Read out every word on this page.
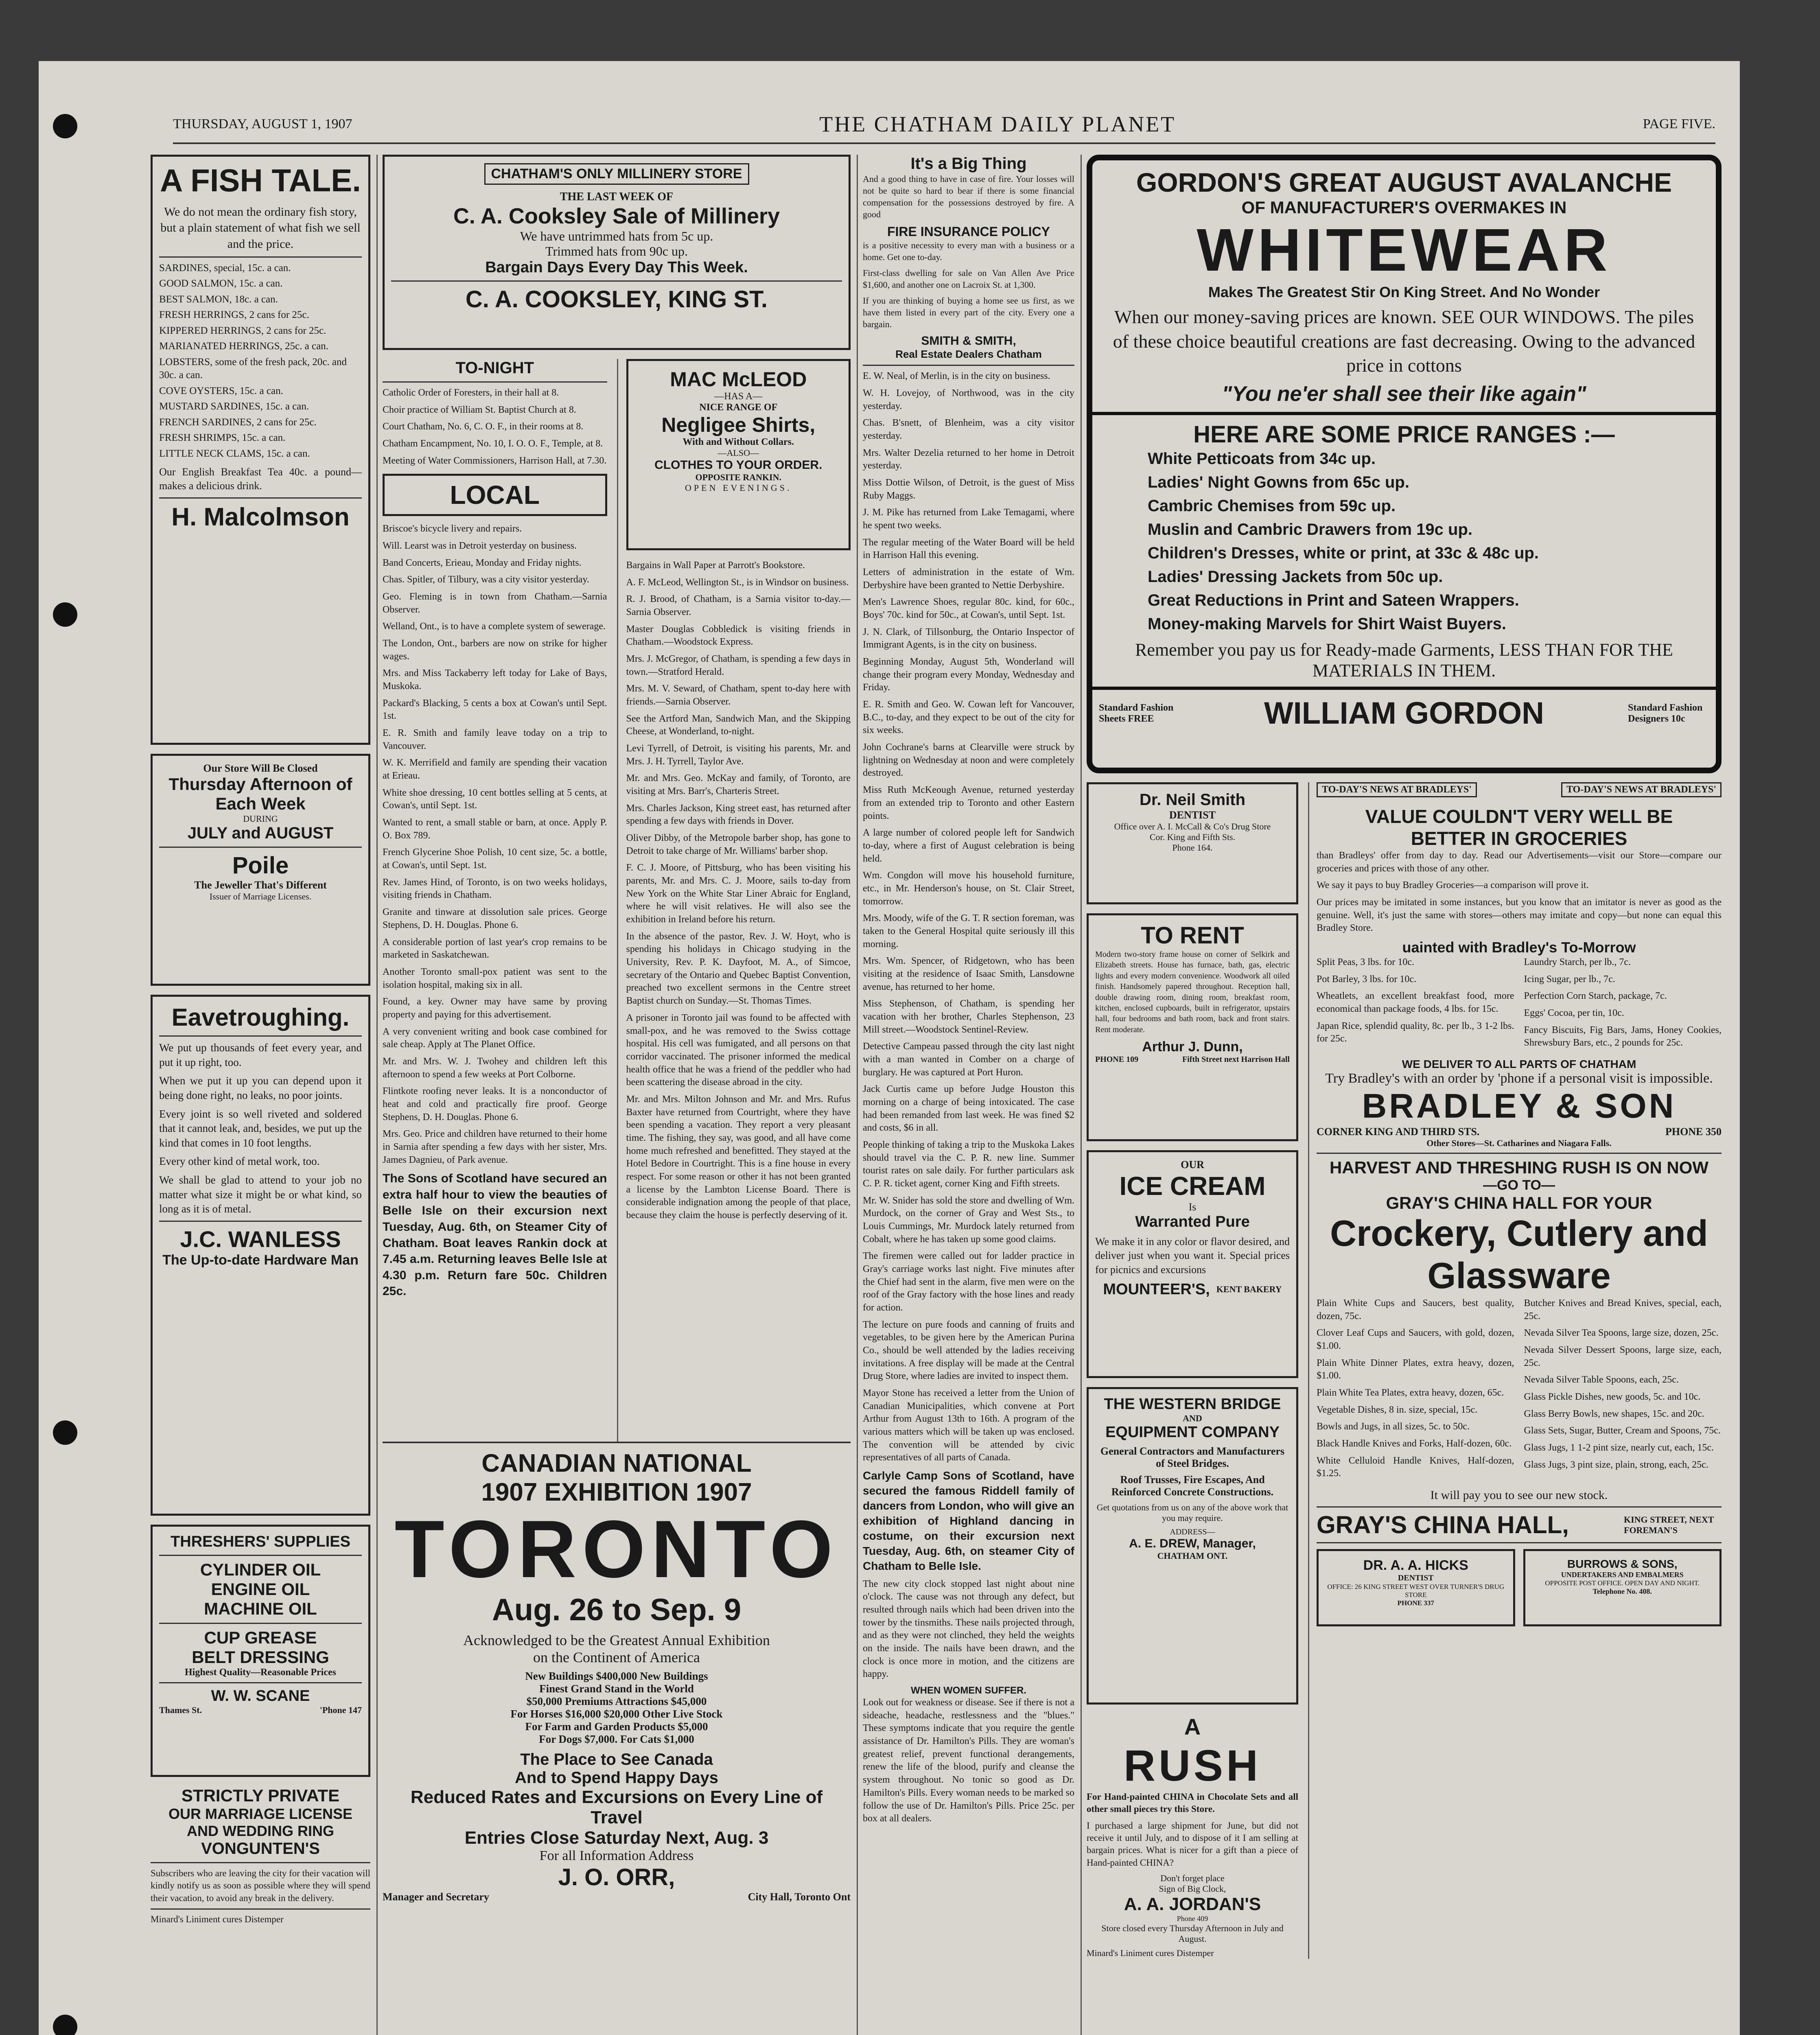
THURSDAY, AUGUST 1, 1907	THE CHATHAM DAILY PLANET	PAGE FIVE.
A FISH TALE.
We do not mean the ordinary fish story, but a plain statement of what fish we sell and the price.
SARDINES, special, 15c. a can.
GOOD SALMON, 15c. a can.
BEST SALMON, 18c. a can.
FRESH HERRINGS, 2 cans for 25c.
KIPPERED HERRINGS, 2 cans for 25c.
MARIANATED HERRINGS, 25c. a can.
LOBSTERS, some of the fresh pack, 20c. and 30c. a can.
COVE OYSTERS, 15c. a can.
MUSTARD SARDINES, 15c. a can.
FRENCH SARDINES, 2 cans for 25c.
FRESH SHRIMPS, 15c. a can.
LITTLE NECK CLAMS, 15c. a can.
Our English Breakfast Tea 40c. a pound—makes a delicious drink.
H. Malcolmson
Our Store Will Be Closed
Thursday Afternoon of Each Week
DURING
JULY and AUGUST
Poile
The Jeweller That's Different
Issuer of Marriage Licenses.
Eavetroughing.

We put up thousands of feet every year, and put it up right, too.

When we put it up you can depend upon it being done right, no leaks, no poor joints.

Every joint is so well riveted and soldered that it cannot leak, and, besides, we put up the kind that comes in 10 foot lengths.

Every other kind of metal work, too.

We shall be glad to attend to your job no matter what size it might be or what kind, so long as it is of metal.

J.C. WANLESS
The Up-to-date Hardware Man
THRESHERS' SUPPLIES
CYLINDER OIL
ENGINE OIL
MACHINE OIL
CUP GREASE
BELT DRESSING
Highest Quality—Reasonable Prices
W. W. SCANE
Thames St.	'Phone 147
STRICTLY PRIVATE
OUR MARRIAGE LICENSE
AND WEDDING RING
VONGUNTEN'S
Subscribers who are leaving the city for their vacation will kindly notify us as soon as possible where they will spend their vacation, to avoid any break in the delivery.
Minard's Liniment cures Distemper
CHATHAM'S ONLY MILLINERY STORE
THE LAST WEEK OF
C. A. Cooksley Sale of Millinery
We have untrimmed hats from 5c up.
Trimmed hats from 90c up.
Bargain Days Every Day This Week.
C. A. COOKSLEY, KING ST.
TO-NIGHT

Catholic Order of Foresters, in their hall at 8.

Choir practice of William St. Baptist Church at 8.

Court Chatham, No. 6, C. O. F., in their rooms at 8.

Chatham Encampment, No. 10, I. O. O. F., Temple, at 8.

Meeting of Water Commissioners, Harrison Hall, at 7.30.

LOCAL

Briscoe's bicycle livery and repairs.

Will. Learst was in Detroit yesterday on business.

Band Concerts, Erieau, Monday and Friday nights.

Chas. Spitler, of Tilbury, was a city visitor yesterday.

Geo. Fleming is in town from Chatham.—Sarnia Observer.

Welland, Ont., is to have a complete system of sewerage.

The London, Ont., barbers are now on strike for higher wages.

Mrs. and Miss Tackaberry left today for Lake of Bays, Muskoka.

Packard's Blacking, 5 cents a box at Cowan's until Sept. 1st.

E. R. Smith and family leave today on a trip to Vancouver.

W. K. Merrifield and family are spending their vacation at Erieau.

White shoe dressing, 10 cent bottles selling at 5 cents, at Cowan's, until Sept. 1st.

Wanted to rent, a small stable or barn, at once. Apply P. O. Box 789.

French Glycerine Shoe Polish, 10 cent size, 5c. a bottle, at Cowan's, until Sept. 1st.

Rev. James Hind, of Toronto, is on two weeks holidays, visiting friends in Chatham.

Granite and tinware at dissolution sale prices. George Stephens, D. H. Douglas. Phone 6.

A considerable portion of last year's crop remains to be marketed in Saskatchewan.

Another Toronto small-pox patient was sent to the isolation hospital, making six in all.

Found, a key. Owner may have same by proving property and paying for this advertisement.

A very convenient writing and book case combined for sale cheap. Apply at The Planet Office.

Mr. and Mrs. W. J. Twohey and children left this afternoon to spend a few weeks at Port Colborne.

Flintkote roofing never leaks. It is a nonconductor of heat and cold and practically fire proof. George Stephens, D. H. Douglas. Phone 6.

Mrs. Geo. Price and children have returned to their home in Sarnia after spending a few days with her sister, Mrs. James Dagnieu, of Park avenue.

The Sons of Scotland have secured an extra half hour to view the beauties of Belle Isle on their excursion next Tuesday, Aug. 6th, on Steamer City of Chatham. Boat leaves Rankin dock at 7.45 a.m. Returning leaves Belle Isle at 4.30 p.m. Return fare 50c. Children 25c.

MAC McLEOD
—HAS A—
NICE RANGE OF
Negligee Shirts,
With and Without Collars.
—ALSO—
CLOTHES TO YOUR ORDER.
OPPOSITE RANKIN.
OPEN EVENINGS.

Bargains in Wall Paper at Parrott's Bookstore.

A. F. McLeod, Wellington St., is in Windsor on business.

R. J. Brood, of Chatham, is a Sarnia visitor to-day.—Sarnia Observer.

Master Douglas Cobbledick is visiting friends in Chatham.—Woodstock Express.

Mrs. J. McGregor, of Chatham, is spending a few days in town.—Stratford Herald.

Mrs. M. V. Seward, of Chatham, spent to-day here with friends.—Sarnia Observer.

See the Artford Man, Sandwich Man, and the Skipping Cheese, at Wonderland, to-night.

Levi Tyrrell, of Detroit, is visiting his parents, Mr. and Mrs. J. H. Tyrrell, Taylor Ave.

Mr. and Mrs. Geo. McKay and family, of Toronto, are visiting at Mrs. Barr's, Charteris Street.

Mrs. Charles Jackson, King street east, has returned after spending a few days with friends in Dover.

Oliver Dibby, of the Metropole barber shop, has gone to Detroit to take charge of Mr. Williams' barber shop.

F. C. J. Moore, of Pittsburg, who has been visiting his parents, Mr. and Mrs. C. J. Moore, sails to-day from New York on the White Star Liner Abraic for England, where he will visit relatives. He will also see the exhibition in Ireland before his return.

In the absence of the pastor, Rev. J. W. Hoyt, who is spending his holidays in Chicago studying in the University, Rev. P. K. Dayfoot, M. A., of Simcoe, secretary of the Ontario and Quebec Baptist Convention, preached two excellent sermons in the Centre street Baptist church on Sunday.—St. Thomas Times.

A prisoner in Toronto jail was found to be affected with small-pox, and he was removed to the Swiss cottage hospital. His cell was fumigated, and all persons on that corridor vaccinated. The prisoner informed the medical health office that he was a friend of the peddler who had been scattering the disease abroad in the city.

Mr. and Mrs. Milton Johnson and Mr. and Mrs. Rufus Baxter have returned from Courtright, where they have been spending a vacation. They report a very pleasant time. The fishing, they say, was good, and all have come home much refreshed and benefitted. They stayed at the Hotel Bedore in Courtright. This is a fine house in every respect. For some reason or other it has not been granted a license by the Lambton License Board. There is considerable indignation among the people of that place, because they claim the house is perfectly deserving of it.

CANADIAN NATIONAL
1907 EXHIBITION 1907
TORONTO
Aug. 26 to Sep. 9
Acknowledged to be the Greatest Annual Exhibition on the Continent of America
New Buildings $400,000 New Buildings
Finest Grand Stand in the World
$50,000 Premiums Attractions $45,000
For Horses $16,000 $20,000 Other Live Stock
For Farm and Garden Products $5,000
For Dogs $7,000. For Cats $1,000
The Place to See Canada
And to Spend Happy Days
Reduced Rates and Excursions on Every Line of Travel
Entries Close Saturday Next, Aug. 3
For all Information Address
J. O. ORR,
Manager and Secretary	City Hall, Toronto Ont
It's a Big Thing

And a good thing to have in case of fire. Your losses will not be quite so hard to bear if there is some financial compensation for the possessions destroyed by fire. A good

FIRE INSURANCE POLICY

is a positive necessity to every man with a business or a home. Get one to-day.

First-class dwelling for sale on Van Allen Ave Price $1,600, and another one on Lacroix St. at 1,300.

If you are thinking of buying a home see us first, as we have them listed in every part of the city. Every one a bargain.

SMITH & SMITH,
Real Estate Dealers Chatham

E. W. Neal, of Merlin, is in the city on business.

W. H. Lovejoy, of Northwood, was in the city yesterday.

Chas. B'snett, of Blenheim, was a city visitor yesterday.

Mrs. Walter Dezelia returned to her home in Detroit yesterday.

Miss Dottie Wilson, of Detroit, is the guest of Miss Ruby Maggs.

J. M. Pike has returned from Lake Temagami, where he spent two weeks.

The regular meeting of the Water Board will be held in Harrison Hall this evening.

Letters of administration in the estate of Wm. Derbyshire have been granted to Nettie Derbyshire.

Men's Lawrence Shoes, regular 80c. kind, for 60c., Boys' 70c. kind for 50c., at Cowan's, until Sept. 1st.

J. N. Clark, of Tillsonburg, the Ontario Inspector of Immigrant Agents, is in the city on business.

Beginning Monday, August 5th, Wonderland will change their program every Monday, Wednesday and Friday.

E. R. Smith and Geo. W. Cowan left for Vancouver, B.C., to-day, and they expect to be out of the city for six weeks.

John Cochrane's barns at Clearville were struck by lightning on Wednesday at noon and were completely destroyed.

Miss Ruth McKeough Avenue, returned yesterday from an extended trip to Toronto and other Eastern points.

A large number of colored people left for Sandwich to-day, where a first of August celebration is being held.

Wm. Congdon will move his household furniture, etc., in Mr. Henderson's house, on St. Clair Street, tomorrow.

Mrs. Moody, wife of the G. T. R section foreman, was taken to the General Hospital quite seriously ill this morning.

Mrs. Wm. Spencer, of Ridgetown, who has been visiting at the residence of Isaac Smith, Lansdowne avenue, has returned to her home.

Miss Stephenson, of Chatham, is spending her vacation with her brother, Charles Stephenson, 23 Mill street.—Woodstock Sentinel-Review.

Detective Campeau passed through the city last night with a man wanted in Comber on a charge of burglary. He was captured at Port Huron.

Jack Curtis came up before Judge Houston this morning on a charge of being intoxicated. The case had been remanded from last week. He was fined $2 and costs, $6 in all.

People thinking of taking a trip to the Muskoka Lakes should travel via the C. P. R. new line. Summer tourist rates on sale daily. For further particulars ask C. P. R. ticket agent, corner King and Fifth streets.

Mr. W. Snider has sold the store and dwelling of Wm. Murdock, on the corner of Gray and West Sts., to Louis Cummings, Mr. Murdock lately returned from Cobalt, where he has taken up some good claims.

The firemen were called out for ladder practice in Gray's carriage works last night. Five minutes after the Chief had sent in the alarm, five men were on the roof of the Gray factory with the hose lines and ready for action.

The lecture on pure foods and canning of fruits and vegetables, to be given here by the American Purina Co., should be well attended by the ladies receiving invitations. A free display will be made at the Central Drug Store, where ladies are invited to inspect them.

Mayor Stone has received a letter from the Union of Canadian Municipalities, which convene at Port Arthur from August 13th to 16th. A program of the various matters which will be taken up was enclosed. The convention will be attended by civic representatives of all parts of Canada.

Carlyle Camp Sons of Scotland, have secured the famous Riddell family of dancers from London, who will give an exhibition of Highland dancing in costume, on their excursion next Tuesday, Aug. 6th, on steamer City of Chatham to Belle Isle.

The new city clock stopped last night about nine o'clock. The cause was not through any defect, but resulted through nails which had been driven into the tower by the tinsmiths. These nails projected through, and as they were not clinched, they held the weights on the inside. The nails have been drawn, and the clock is once more in motion, and the citizens are happy.

WHEN WOMEN SUFFER.

Look out for weakness or disease. See if there is not a sideache, headache, restlessness and the "blues." These symptoms indicate that you require the gentle assistance of Dr. Hamilton's Pills. They are woman's greatest relief, prevent functional derangements, renew the life of the blood, purify and cleanse the system throughout. No tonic so good as Dr. Hamilton's Pills. Every woman needs to be marked so follow the use of Dr. Hamilton's Pills. Price 25c. per box at all dealers.

GORDON'S GREAT AUGUST AVALANCHE
OF MANUFACTURER'S OVERMAKES IN
WHITEWEAR
Makes The Greatest Stir On King Street. And No Wonder
When our money-saving prices are known. SEE OUR WINDOWS. The piles of these choice beautiful creations are fast decreasing. Owing to the advanced price in cottons
"You ne'er shall see their like again"
HERE ARE SOME PRICE RANGES :—
White Petticoats from 34c up.
Ladies' Night Gowns from 65c up.
Cambric Chemises from 59c up.
Muslin and Cambric Drawers from 19c up.
Children's Dresses, white or print, at 33c & 48c up.
Ladies' Dressing Jackets from 50c up.
Great Reductions in Print and Sateen Wrappers.
Money-making Marvels for Shirt Waist Buyers.
Remember you pay us for Ready-made Garments, LESS THAN FOR THE MATERIALS IN THEM.
Standard Fashion Sheets FREE	WILLIAM GORDON	Standard Fashion Designers 10c
Dr. Neil Smith
DENTIST
Office over A. I. McCall & Co's Drug Store
Cor. King and Fifth Sts.
Phone 164.
TO RENT
Modern two-story frame house on corner of Selkirk and Elizabeth streets. House has furnace, bath, gas, electric lights and every modern convenience. Woodwork all oiled finish. Handsomely papered throughout. Reception hall, double drawing room, dining room, breakfast room, kitchen, enclosed cupboards, built in refrigerator, upstairs hall, four bedrooms and bath room, back and front stairs. Rent moderate.
Arthur J. Dunn,
PHONE 109	Fifth Street next Harrison Hall
OUR
ICE CREAM
Is
Warranted Pure
We make it in any color or flavor desired, and deliver just when you want it. Special prices for picnics and excursions
MOUNTEER'S, KENT BAKERY
THE WESTERN BRIDGE
AND
EQUIPMENT COMPANY
General Contractors and Manufacturers of Steel Bridges.
Roof Trusses, Fire Escapes, And Reinforced Concrete Constructions.
Get quotations from us on any of the above work that you may require.
ADDRESS—
A. E. DREW, Manager,
CHATHAM ONT.
A
RUSH
For Hand-painted CHINA in Chocolate Sets and all other small pieces try this Store.
I purchased a large shipment for June, but did not receive it until July, and to dispose of it I am selling at bargain prices. What is nicer for a gift than a piece of Hand-painted CHINA?
Don't forget place
Sign of Big Clock,
A. A. JORDAN'S
Phone 409
Store closed every Thursday Afternoon in July and August.
Minard's Liniment cures Distemper
TO-DAY'S NEWS AT BRADLEYS'	TO-DAY'S NEWS AT BRADLEYS'
VALUE COULDN'T VERY WELL BE
BETTER IN GROCERIES

than Bradleys' offer from day to day. Read our Advertisements—visit our Store—compare our groceries and prices with those of any other.

We say it pays to buy Bradley Groceries—a comparison will prove it.

Our prices may be imitated in some instances, but you know that an imitator is never as good as the genuine. Well, it's just the same with stores—others may imitate and copy—but none can equal this Bradley Store.

uainted with Bradley's To-Morrow

Split Peas, 3 lbs. for 10c.

Pot Barley, 3 lbs. for 10c.

Wheatlets, an excellent breakfast food, more economical than package foods, 4 lbs. for 15c.

Japan Rice, splendid quality, 8c. per lb., 3 1-2 lbs. for 25c.

Laundry Starch, per lb., 7c.

Icing Sugar, per lb., 7c.

Perfection Corn Starch, package, 7c.

Eggs' Cocoa, per tin, 10c.

Fancy Biscuits, Fig Bars, Jams, Honey Cookies, Shrewsbury Bars, etc., 2 pounds for 25c.

WE DELIVER TO ALL PARTS OF CHATHAM
Try Bradley's with an order by 'phone if a personal visit is impossible.
BRADLEY & SON
CORNER KING AND THIRD STS.	PHONE 350
Other Stores—St. Catharines and Niagara Falls.
HARVEST AND THRESHING RUSH IS ON NOW
—GO TO—
GRAY'S CHINA HALL FOR YOUR
Crockery, Cutlery and Glassware

Plain White Cups and Saucers, best quality, dozen, 75c.

Clover Leaf Cups and Saucers, with gold, dozen, $1.00.

Plain White Dinner Plates, extra heavy, dozen, $1.00.

Plain White Tea Plates, extra heavy, dozen, 65c.

Vegetable Dishes, 8 in. size, special, 15c.

Bowls and Jugs, in all sizes, 5c. to 50c.

Black Handle Knives and Forks, Half-dozen, 60c.

White Celluloid Handle Knives, Half-dozen, $1.25.

Butcher Knives and Bread Knives, special, each, 25c.

Nevada Silver Tea Spoons, large size, dozen, 25c.

Nevada Silver Dessert Spoons, large size, each, 25c.

Nevada Silver Table Spoons, each, 25c.

Glass Pickle Dishes, new goods, 5c. and 10c.

Glass Berry Bowls, new shapes, 15c. and 20c.

Glass Sets, Sugar, Butter, Cream and Spoons, 75c.

Glass Jugs, 1 1-2 pint size, nearly cut, each, 15c.

Glass Jugs, 3 pint size, plain, strong, each, 25c.

It will pay you to see our new stock.
GRAY'S CHINA HALL,	KING STREET, NEXT FOREMAN'S
DR. A. A. HICKS
DENTIST
OFFICE: 26 KING STREET WEST OVER TURNER'S DRUG STORE
PHONE 337
BURROWS & SONS,
UNDERTAKERS AND EMBALMERS
OPPOSITE POST OFFICE. OPEN DAY AND NIGHT.
Telephone No. 408.
